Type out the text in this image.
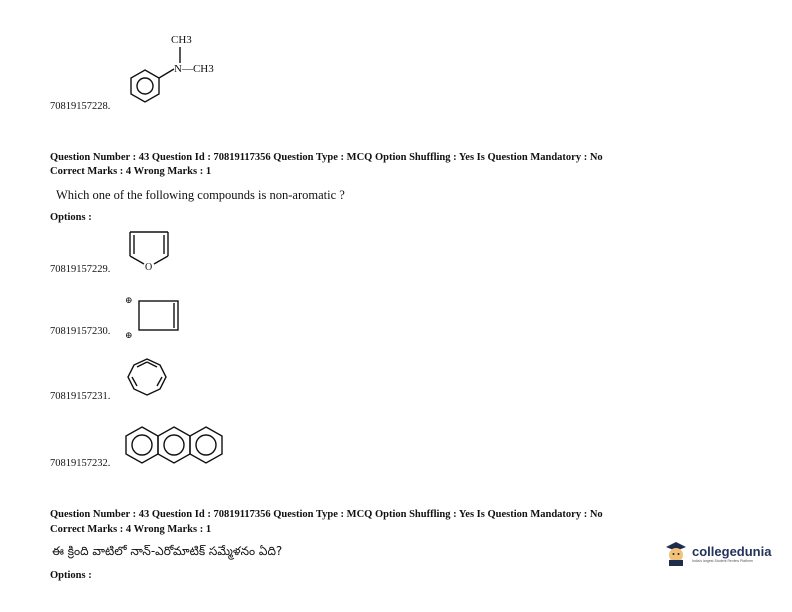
CH3
N—CH3
70819157228.
Question Number : 43 Question Id : 70819117356 Question Type : MCQ Option Shuffling : Yes Is Question Mandatory : No
Correct Marks : 4 Wrong Marks : 1
Which one of the following compounds is non-aromatic ?
Options :
O
70819157229.
⊕
⊕
70819157230.
70819157231.
70819157232.
Question Number : 43 Question Id : 70819117356 Question Type : MCQ Option Shuffling : Yes Is Question Mandatory : No
Correct Marks : 4 Wrong Marks : 1
ఈ క్రింది వాటిలో నాన్-ఎరోమాటిక్ సమ్మేళనం ఏది?
Options :
collegedunia
India's largest Student Review Platform
